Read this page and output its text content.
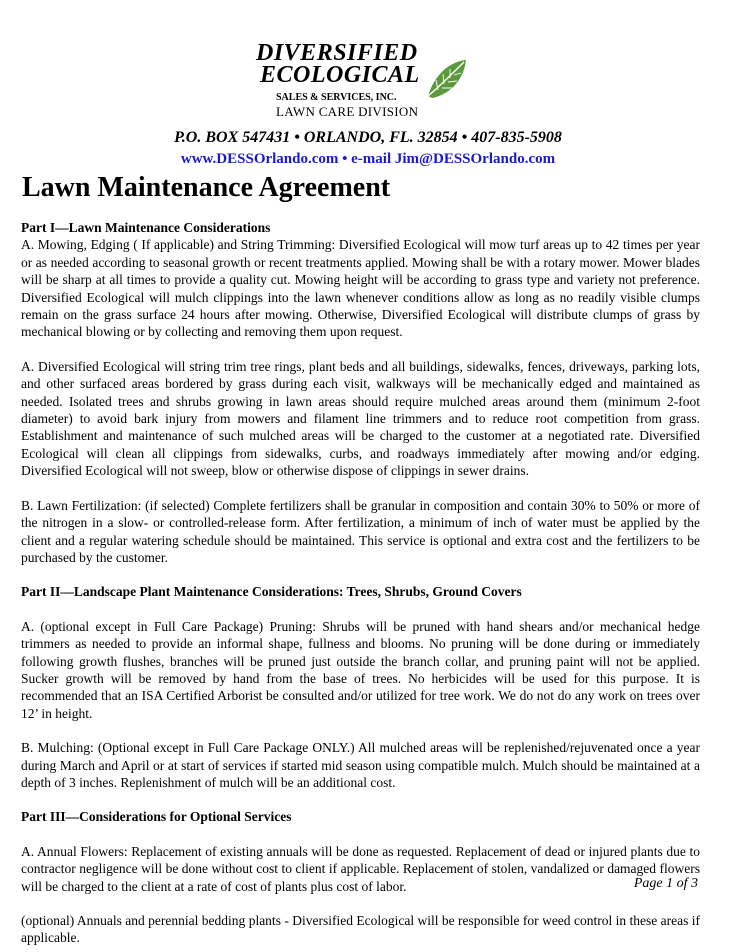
DIVERSIFIED
ECOLOGICAL
SALES & SERVICES, INC.
LAWN CARE DIVISION
P.O. BOX 547431 • ORLANDO, FL. 32854 • 407-835-5908
www.DESSOrlando.com • e-mail Jim@DESSOrlando.com
Lawn Maintenance Agreement

Part I—Lawn Maintenance Considerations

A. Mowing, Edging ( If applicable) and String Trimming: Diversified Ecological will mow turf areas up to 42 times per year or as needed according to seasonal growth or recent treatments applied. Mowing shall be with a rotary mower. Mower blades will be sharp at all times to provide a quality cut. Mowing height will be according to grass type and variety not preference. Diversified Ecological will mulch clippings into the lawn whenever conditions allow as long as no readily visible clumps remain on the grass surface 24 hours after mowing. Otherwise, Diversified Ecological will distribute clumps of grass by mechanical blowing or by collecting and removing them upon request.

A. Diversified Ecological will string trim tree rings, plant beds and all buildings, sidewalks, fences, driveways, parking lots, and other surfaced areas bordered by grass during each visit, walkways will be mechanically edged and maintained as needed. Isolated trees and shrubs growing in lawn areas should require mulched areas around them (minimum 2-foot diameter) to avoid bark injury from mowers and filament line trimmers and to reduce root competition from grass. Establishment and maintenance of such mulched areas will be charged to the customer at a negotiated rate. Diversified Ecological will clean all clippings from sidewalks, curbs, and roadways immediately after mowing and/or edging. Diversified Ecological will not sweep, blow or otherwise dispose of clippings in sewer drains.

B. Lawn Fertilization: (if selected) Complete fertilizers shall be granular in composition and contain 30% to 50% or more of the nitrogen in a slow- or controlled-release form. After fertilization, a minimum of inch of water must be applied by the client and a regular watering schedule should be maintained. This service is optional and extra cost and the fertilizers to be purchased by the customer.

Part II—Landscape Plant Maintenance Considerations: Trees, Shrubs, Ground Covers

A. (optional except in Full Care Package) Pruning: Shrubs will be pruned with hand shears and/or mechanical hedge trimmers as needed to provide an informal shape, fullness and blooms. No pruning will be done during or immediately following growth flushes, branches will be pruned just outside the branch collar, and pruning paint will not be applied. Sucker growth will be removed by hand from the base of trees. No herbicides will be used for this purpose. It is recommended that an ISA Certified Arborist be consulted and/or utilized for tree work. We do not do any work on trees over 12’ in height.

B. Mulching: (Optional except in Full Care Package ONLY.) All mulched areas will be replenished/rejuvenated once a year during March and April or at start of services if started mid season using compatible mulch. Mulch should be maintained at a depth of 3 inches. Replenishment of mulch will be an additional cost.

Part III—Considerations for Optional Services

A. Annual Flowers: Replacement of existing annuals will be done as requested. Replacement of dead or injured plants due to contractor negligence will be done without cost to client if applicable. Replacement of stolen, vandalized or damaged flowers will be charged to the client at a rate of cost of plants plus cost of labor.

(optional) Annuals and perennial bedding plants - Diversified Ecological will be responsible for weed control in these areas if applicable.

Page 1 of 3
